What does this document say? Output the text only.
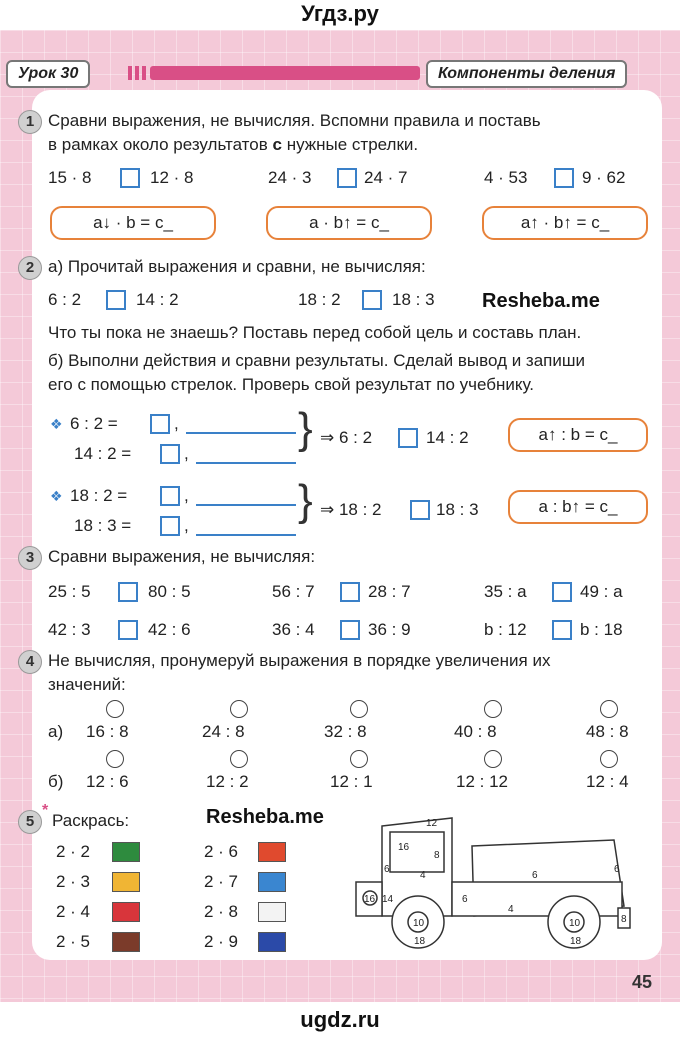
Угдз.ру
Урок 30	Компоненты деления
1 Сравни выражения, не вычисляя. Вспомни правила и поставь
в рамках около результатов с нужные стрелки.
15 · 8	12 · 8	24 · 3	24 · 7	4 · 53	9 · 62
a↓ · b = c_	a · b↑ = c_	a↑ · b↑ = c_
2 а) Прочитай выражения и сравни, не вычисляя:
6 : 2	14 : 2	18 : 2	18 : 3 Resheba.me
Что ты пока не знаешь? Поставь перед собой цель и составь план.
б) Выполни действия и сравни результаты. Сделай вывод и запиши
его с помощью стрелок. Проверь свой результат по учебнику.
❖ 6 : 2 =	,
14 : 2 =	,
} ⇒ 6 : 2	14 : 2	a↑ : b = c_
❖ 18 : 2 =	,
18 : 3 =	,
} ⇒ 18 : 2	18 : 3	a : b↑ = c_
3 Сравни выражения, не вычисляя:
25 : 5	80 : 5	56 : 7	28 : 7	35 : a	49 : a
42 : 3	42 : 6	36 : 4	36 : 9	b : 12	b : 18
4 Не вычисляя, пронумеруй выражения в порядке увеличения их
значений:
а) 16 : 8	24 : 8	32 : 8	40 : 8	48 : 8
б) 12 : 6	12 : 2	12 : 1	12 : 12	12 : 4
5
*
Раскрась:	Resheba.me
2 · 2
2 · 3
2 · 4
2 · 5
2 · 6
2 · 7
2 · 8
2 · 9
12
16
8
6
4	6
6
14
16
10
18
4
10
18
8
6
45
ugdz.ru
